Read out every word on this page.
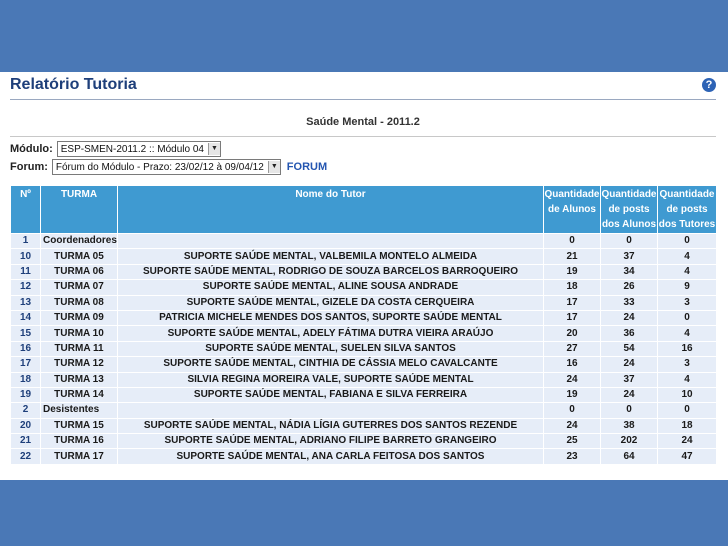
Relatório Tutoria	?
Saúde Mental - 2011.2
Módulo: ESP-SMEN-2011.2 :: Módulo 04	▼
Forum: Fórum do Módulo - Prazo: 23/02/12 à 09/04/12	▼ FORUM
Nº	TURMA	Nome do Tutor	Quantidade de Alunos	Quantidade de posts dos Alunos	Quantidade de posts dos Tutores
1	Coordenadores		0	0	0
10	TURMA 05	SUPORTE SAÚDE MENTAL, VALBEMILA MONTELO ALMEIDA	21	37	4
11	TURMA 06	SUPORTE SAÚDE MENTAL, RODRIGO DE SOUZA BARCELOS BARROQUEIRO	19	34	4
12	TURMA 07	SUPORTE SAÚDE MENTAL, ALINE SOUSA ANDRADE	18	26	9
13	TURMA 08	SUPORTE SAÚDE MENTAL, GIZELE DA COSTA CERQUEIRA	17	33	3
14	TURMA 09	PATRICIA MICHELE MENDES DOS SANTOS, SUPORTE SAÚDE MENTAL	17	24	0
15	TURMA 10	SUPORTE SAÚDE MENTAL, ADELY FÁTIMA DUTRA VIEIRA ARAÚJO	20	36	4
16	TURMA 11	SUPORTE SAÚDE MENTAL, SUELEN SILVA SANTOS	27	54	16
17	TURMA 12	SUPORTE SAÚDE MENTAL, CINTHIA DE CÁSSIA MELO CAVALCANTE	16	24	3
18	TURMA 13	SILVIA REGINA MOREIRA VALE, SUPORTE SAÚDE MENTAL	24	37	4
19	TURMA 14	SUPORTE SAÚDE MENTAL, FABIANA E SILVA FERREIRA	19	24	10
2	Desistentes		0	0	0
20	TURMA 15	SUPORTE SAÚDE MENTAL, NÁDIA LÍGIA GUTERRES DOS SANTOS REZENDE	24	38	18
21	TURMA 16	SUPORTE SAÚDE MENTAL, ADRIANO FILIPE BARRETO GRANGEIRO	25	202	24
22	TURMA 17	SUPORTE SAÚDE MENTAL, ANA CARLA FEITOSA DOS SANTOS	23	64	47
